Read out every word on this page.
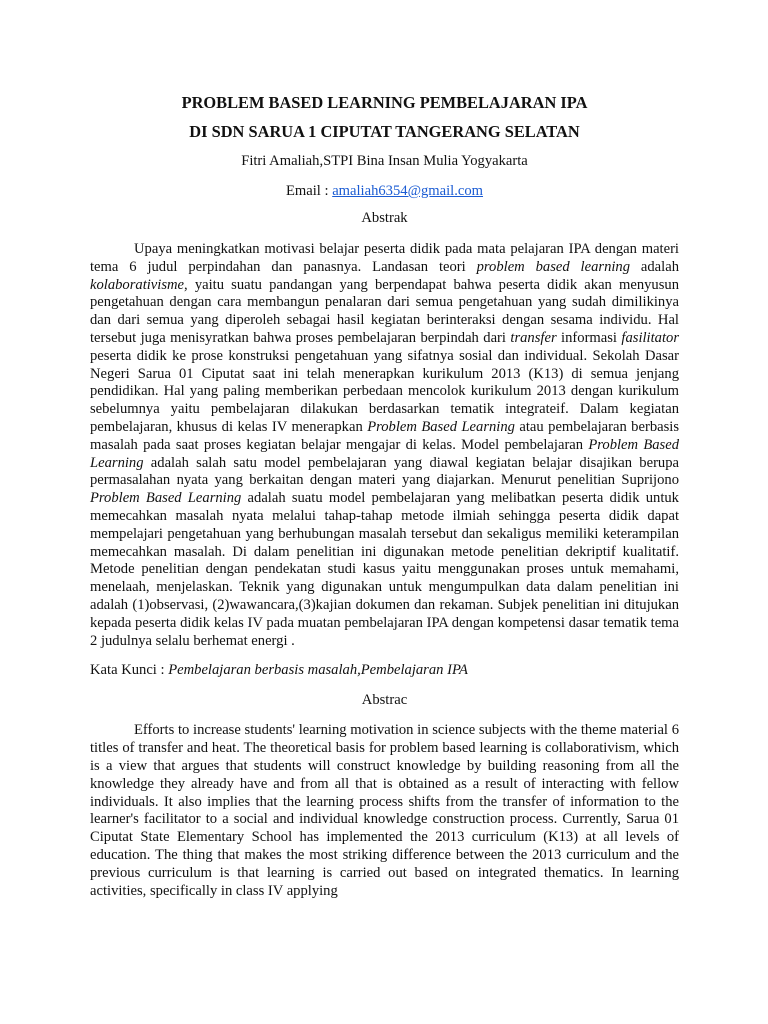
PROBLEM BASED LEARNING PEMBELAJARAN IPA

DI SDN SARUA 1 CIPUTAT TANGERANG SELATAN

Fitri Amaliah,STPI Bina Insan Mulia Yogyakarta
Email : amaliah6354@gmail.com
Abstrak

Upaya meningkatkan motivasi belajar peserta didik pada mata pelajaran IPA dengan materi tema 6 judul perpindahan dan panasnya. Landasan teori problem based learning adalah kolaborativisme, yaitu suatu pandangan yang berpendapat bahwa peserta didik akan menyusun pengetahuan dengan cara membangun penalaran dari semua pengetahuan yang sudah dimilikinya dan dari semua yang diperoleh sebagai hasil kegiatan berinteraksi dengan sesama individu. Hal tersebut juga menisyratkan bahwa proses pembelajaran berpindah dari transfer informasi fasilitator peserta didik ke prose konstruksi pengetahuan yang sifatnya sosial dan individual. Sekolah Dasar Negeri Sarua 01 Ciputat saat ini telah menerapkan kurikulum 2013 (K13) di semua jenjang pendidikan. Hal yang paling memberikan perbedaan mencolok kurikulum 2013 dengan kurikulum sebelumnya yaitu pembelajaran dilakukan berdasarkan tematik integrateif. Dalam kegiatan pembelajaran, khusus di kelas IV menerapkan Problem Based Learning atau pembelajaran berbasis masalah pada saat proses kegiatan belajar mengajar di kelas. Model pembelajaran Problem Based Learning adalah salah satu model pembelajaran yang diawal kegiatan belajar disajikan berupa permasalahan nyata yang berkaitan dengan materi yang diajarkan. Menurut penelitian Suprijono Problem Based Learning adalah suatu model pembelajaran yang melibatkan peserta didik untuk memecahkan masalah nyata melalui tahap-tahap metode ilmiah sehingga peserta didik dapat mempelajari pengetahuan yang berhubungan masalah tersebut dan sekaligus memiliki keterampilan memecahkan masalah. Di dalam penelitian ini digunakan metode penelitian dekriptif kualitatif. Metode penelitian dengan pendekatan studi kasus yaitu menggunakan proses untuk memahami, menelaah, menjelaskan. Teknik yang digunakan untuk mengumpulkan data dalam penelitian ini adalah (1)observasi, (2)wawancara,(3)kajian dokumen dan rekaman. Subjek penelitian ini ditujukan kepada peserta didik kelas IV pada muatan pembelajaran IPA dengan kompetensi dasar tematik tema 2 judulnya selalu berhemat energi .

Kata Kunci : Pembelajaran berbasis masalah,Pembelajaran IPA
Abstrac

Efforts to increase students' learning motivation in science subjects with the theme material 6 titles of transfer and heat. The theoretical basis for problem based learning is collaborativism, which is a view that argues that students will construct knowledge by building reasoning from all the knowledge they already have and from all that is obtained as a result of interacting with fellow individuals. It also implies that the learning process shifts from the transfer of information to the learner's facilitator to a social and individual knowledge construction process. Currently, Sarua 01 Ciputat State Elementary School has implemented the 2013 curriculum (K13) at all levels of education. The thing that makes the most striking difference between the 2013 curriculum and the previous curriculum is that learning is carried out based on integrated thematics. In learning activities, specifically in class IV applying
